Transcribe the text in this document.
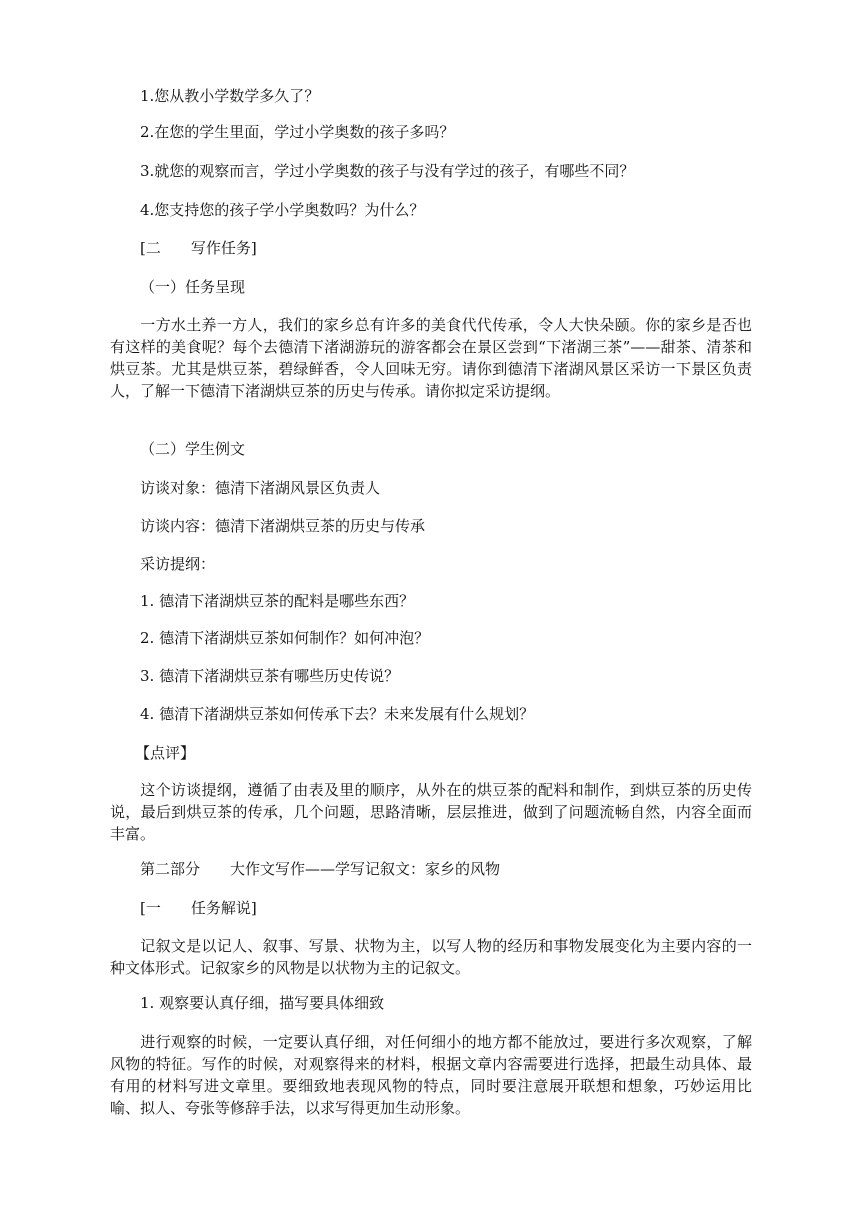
1.您从教小学数学多久了？
2.在您的学生里面，学过小学奥数的孩子多吗？
3.就您的观察而言，学过小学奥数的孩子与没有学过的孩子，有哪些不同？
4.您支持您的孩子学小学奥数吗？为什么？
[二　　写作任务]
（一）任务呈现
一方水土养一方人，我们的家乡总有许多的美食代代传承，令人大快朵颐。你的家乡是否也有这样的美食呢？每个去德清下渚湖游玩的游客都会在景区尝到“下渚湖三茶”——甜茶、清茶和烘豆茶。尤其是烘豆茶，碧绿鲜香，令人回味无穷。请你到德清下渚湖风景区采访一下景区负责人，了解一下德清下渚湖烘豆茶的历史与传承。请你拟定采访提纲。
（二）学生例文
访谈对象：德清下渚湖风景区负责人
访谈内容：德清下渚湖烘豆茶的历史与传承
采访提纲：
1. 德清下渚湖烘豆茶的配料是哪些东西？
2. 德清下渚湖烘豆茶如何制作？如何冲泡？
3. 德清下渚湖烘豆茶有哪些历史传说？
4. 德清下渚湖烘豆茶如何传承下去？未来发展有什么规划？
【点评】
这个访谈提纲，遵循了由表及里的顺序，从外在的烘豆茶的配料和制作，到烘豆茶的历史传说，最后到烘豆茶的传承，几个问题，思路清晰，层层推进，做到了问题流畅自然，内容全面而丰富。
第二部分　　大作文写作——学写记叙文：家乡的风物
[一　　任务解说]
记叙文是以记人、叙事、写景、状物为主，以写人物的经历和事物发展变化为主要内容的一种文体形式。记叙家乡的风物是以状物为主的记叙文。
1. 观察要认真仔细，描写要具体细致
进行观察的时候，一定要认真仔细，对任何细小的地方都不能放过，要进行多次观察，了解风物的特征。写作的时候，对观察得来的材料，根据文章内容需要进行选择，把最生动具体、最有用的材料写进文章里。要细致地表现风物的特点，同时要注意展开联想和想象，巧妙运用比喻、拟人、夸张等修辞手法，以求写得更加生动形象。
